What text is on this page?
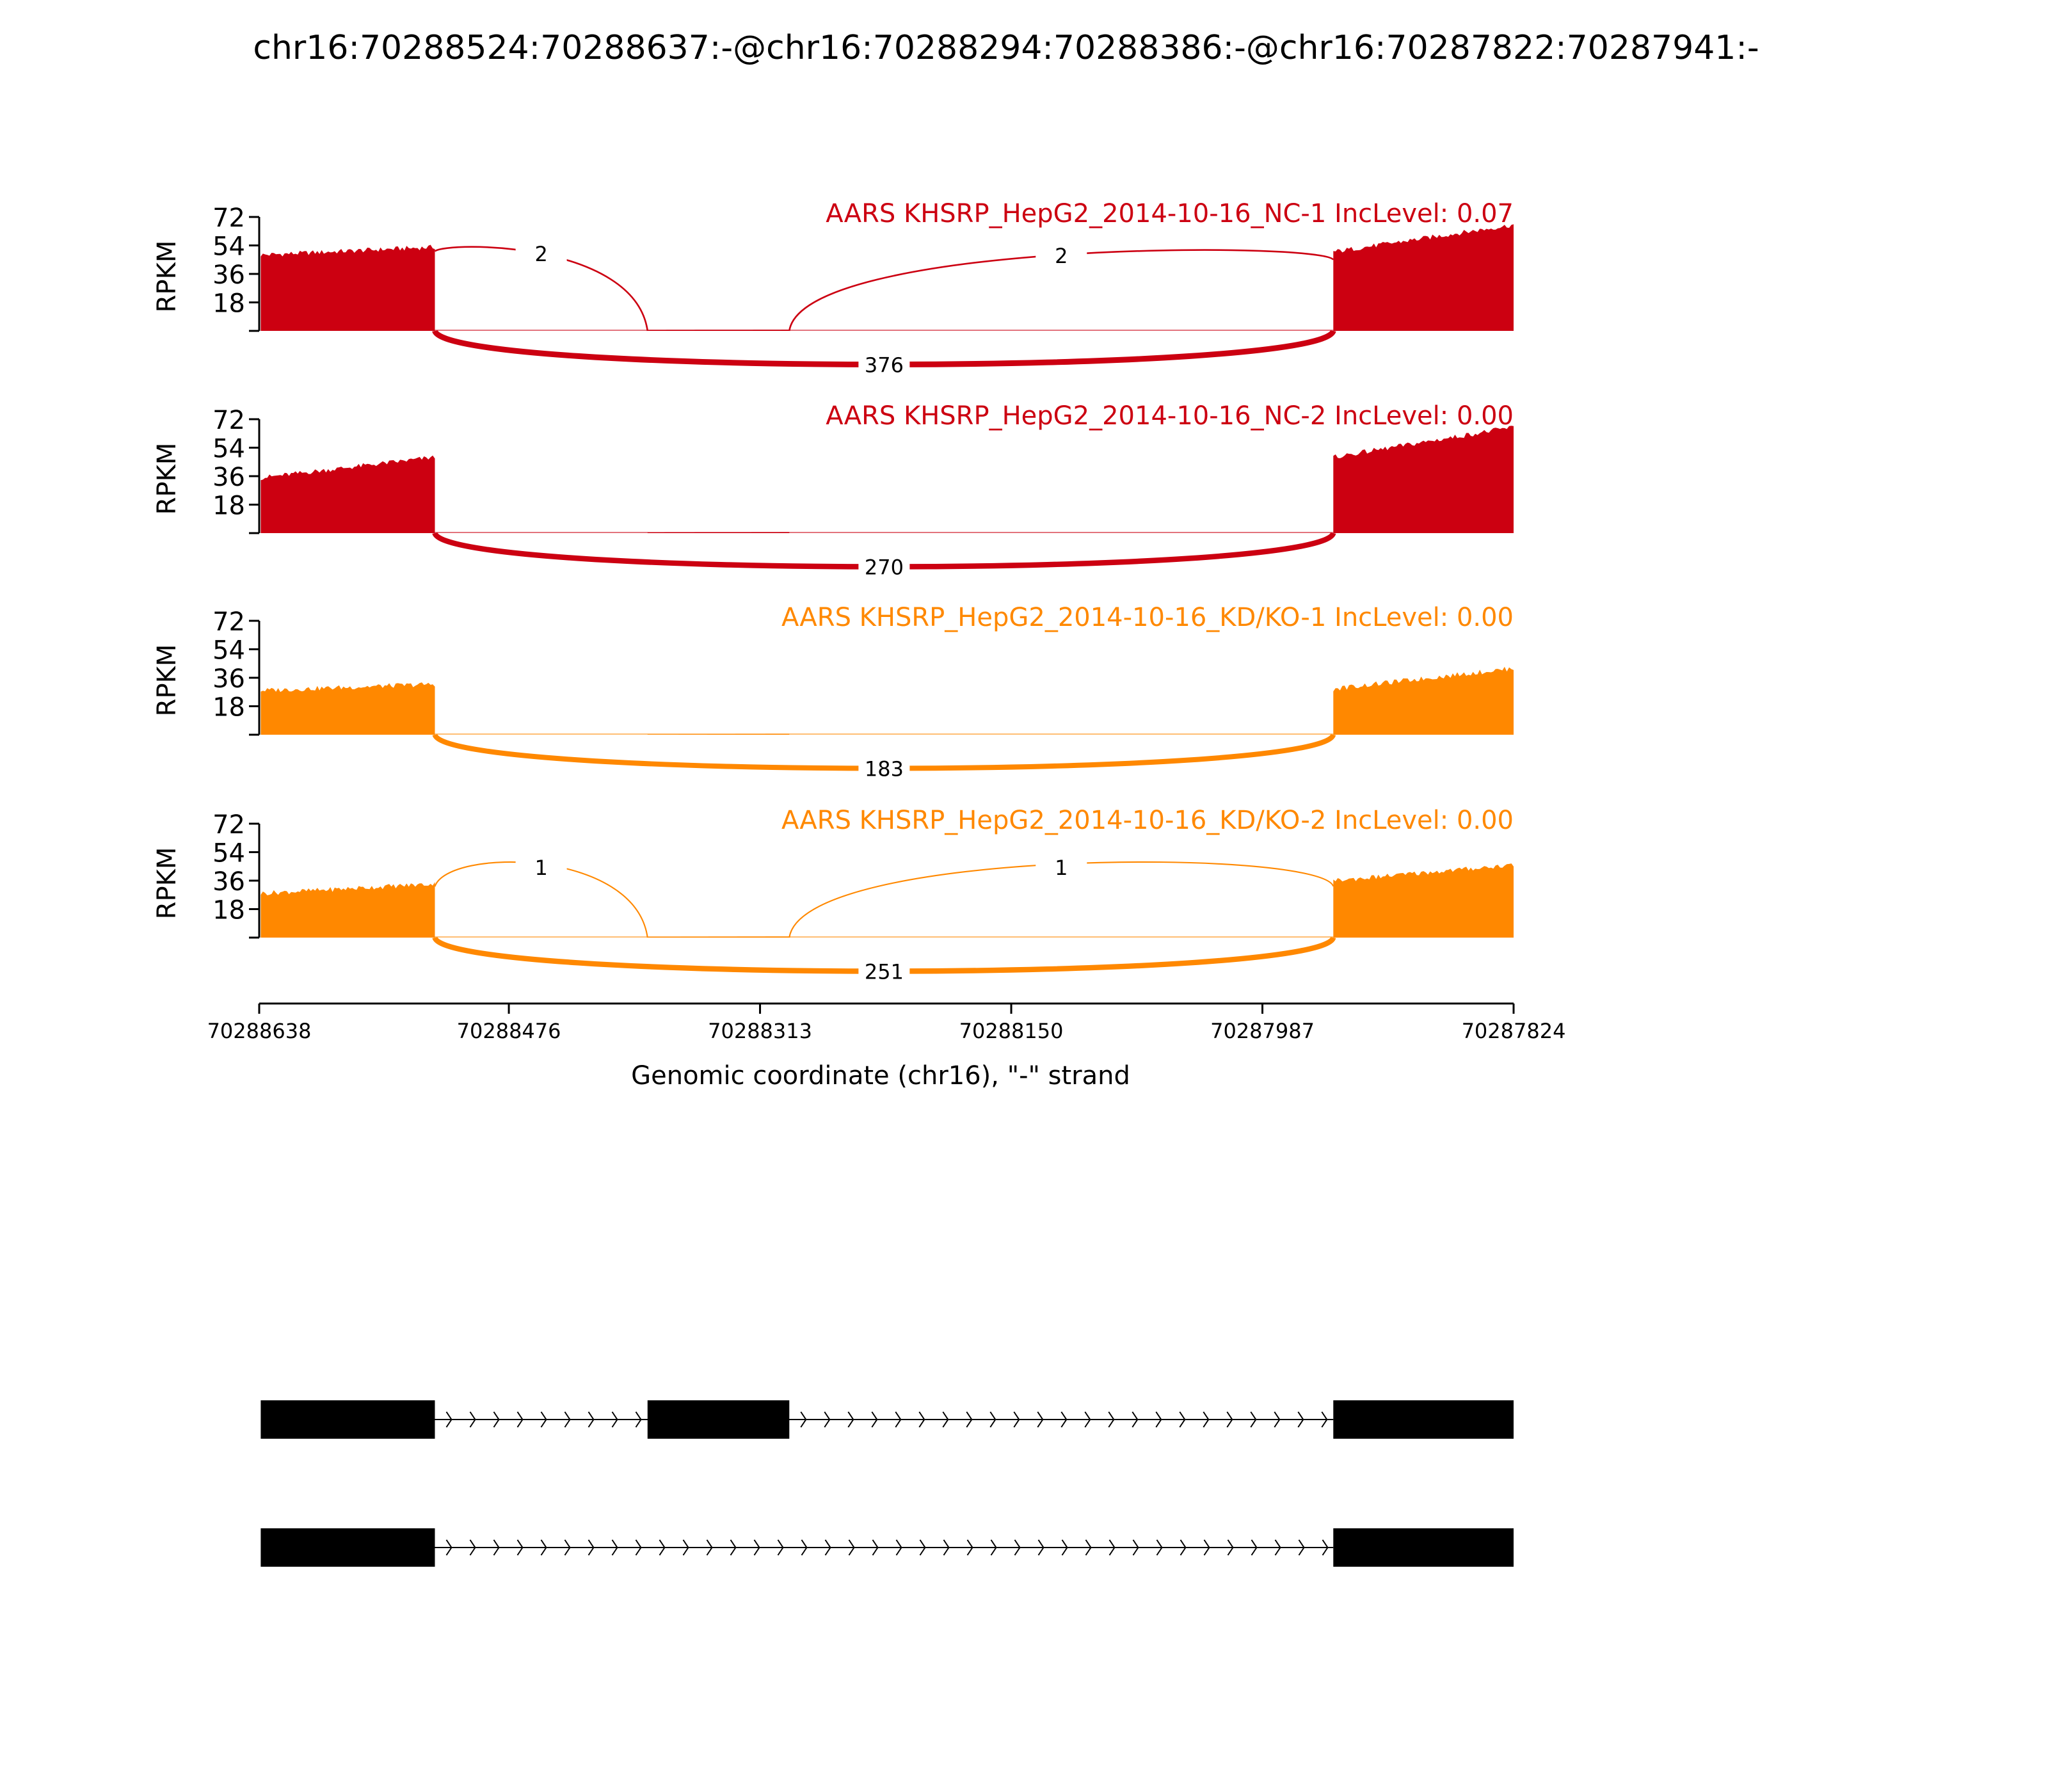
chr16:70288524:70288637:-@chr16:70288294:70288386:-@chr16:70287822:70287941:-
72
54
36
18
RPKM
376
2	2
AARS KHSRP_HepG2_2014-10-16_NC-1 IncLevel: 0.07
72
54
36
18
RPKM
270
AARS KHSRP_HepG2_2014-10-16_NC-2 IncLevel: 0.00
72
54
36
18
RPKM
183
AARS KHSRP_HepG2_2014-10-16_KD/KO-1 IncLevel: 0.00
72
54
36
18
RPKM
251
1	1
AARS KHSRP_HepG2_2014-10-16_KD/KO-2 IncLevel: 0.00
70288638	70288476	70288313	70288150	70287987	70287824
Genomic coordinate (chr16), "-" strand
